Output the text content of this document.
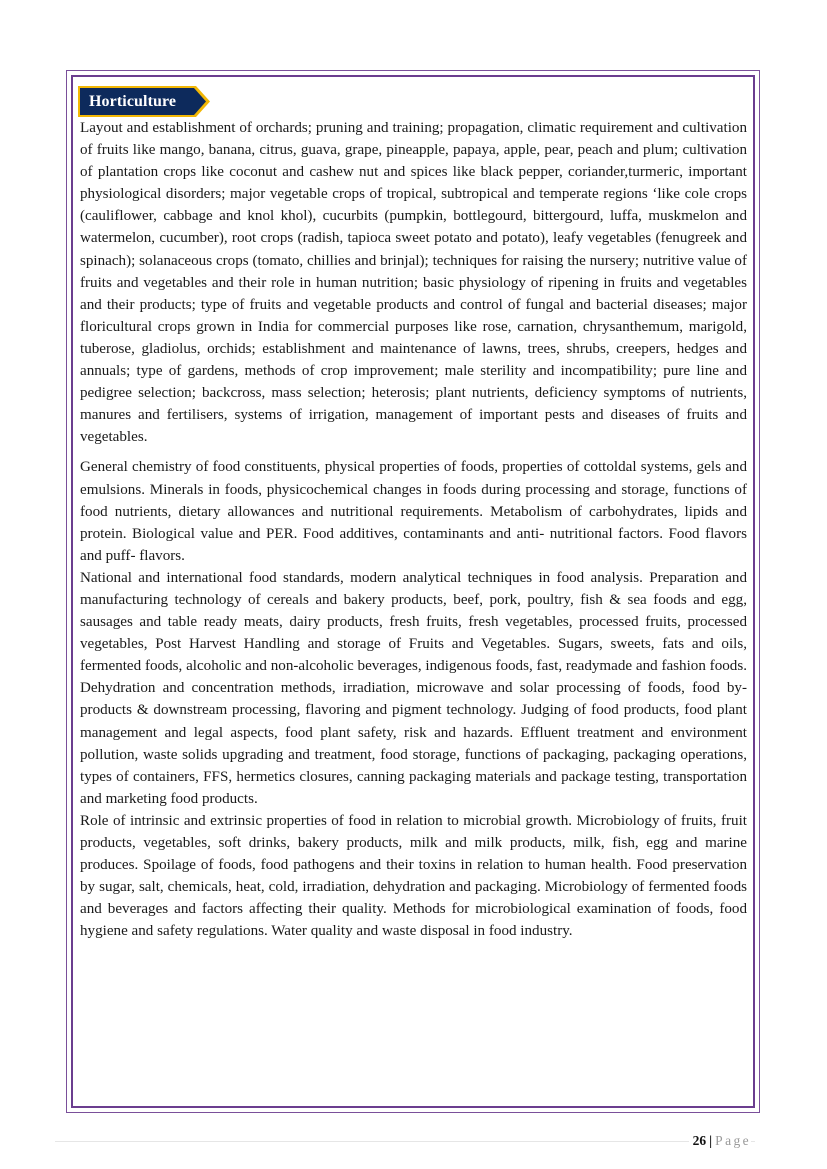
Horticulture

Layout and establishment of orchards; pruning and training; propagation, climatic requirement and cultivation of fruits like mango, banana, citrus, guava, grape, pineapple, papaya, apple, pear, peach and plum; cultivation of plantation crops like coconut and cashew nut and spices like black pepper, coriander,turmeric, important physiological disorders; major vegetable crops of tropical, subtropical and temperate regions ‘like cole crops (cauliflower, cabbage and knol khol), cucurbits (pumpkin, bottlegourd, bittergourd, luffa, muskmelon and watermelon, cucumber), root crops (radish, tapioca sweet potato and potato), leafy vegetables (fenugreek and spinach); solanaceous crops (tomato, chillies and brinjal); techniques for raising the nursery; nutritive value of fruits and vegetables and their role in human nutrition; basic physiology of ripening in fruits and vegetables and their products; type of fruits and vegetable products and control of fungal and bacterial diseases; major floricultural crops grown in India for commercial purposes like rose, carnation, chrysanthemum, marigold, tuberose, gladiolus, orchids; establishment and maintenance of lawns, trees, shrubs, creepers, hedges and annuals; type of gardens, methods of crop improvement; male sterility and incompatibility; pure line and pedigree selection; backcross, mass selection; heterosis; plant nutrients, deficiency symptoms of nutrients, manures and fertilisers, systems of irrigation, management of important pests and diseases of fruits and vegetables.

General chemistry of food constituents, physical properties of foods, properties of cottoldal systems, gels and emulsions. Minerals in foods, physicochemical changes in foods during processing and storage, functions of food nutrients, dietary allowances and nutritional requirements. Metabolism of carbohydrates, lipids and protein. Biological value and PER. Food additives, contaminants and anti- nutritional factors. Food flavors and puff- flavors.

National and international food standards, modern analytical techniques in food analysis. Preparation and manufacturing technology of cereals and bakery products, beef, pork, poultry, fish & sea foods and egg, sausages and table ready meats, dairy products, fresh fruits, fresh vegetables, processed fruits, processed vegetables, Post Harvest Handling and storage of Fruits and Vegetables. Sugars, sweets, fats and oils, fermented foods, alcoholic and non-alcoholic beverages, indigenous foods, fast, readymade and fashion foods. Dehydration and concentration methods, irradiation, microwave and solar processing of foods, food by-products & downstream processing, flavoring and pigment technology. Judging of food products, food plant management and legal aspects, food plant safety, risk and hazards. Effluent treatment and environment pollution, waste solids upgrading and treatment, food storage, functions of packaging, packaging operations, types of containers, FFS, hermetics closures, canning packaging materials and package testing, transportation and marketing food products.

Role of intrinsic and extrinsic properties of food in relation to microbial growth. Microbiology of fruits, fruit products, vegetables, soft drinks, bakery products, milk and milk products, milk, fish, egg and marine produces. Spoilage of foods, food pathogens and their toxins in relation to human health. Food preservation by sugar, salt, chemicals, heat, cold, irradiation, dehydration and packaging. Microbiology of fermented foods and beverages and factors affecting their quality. Methods for microbiological examination of foods, food hygiene and safety regulations. Water quality and waste disposal in food industry.

26 | Page
